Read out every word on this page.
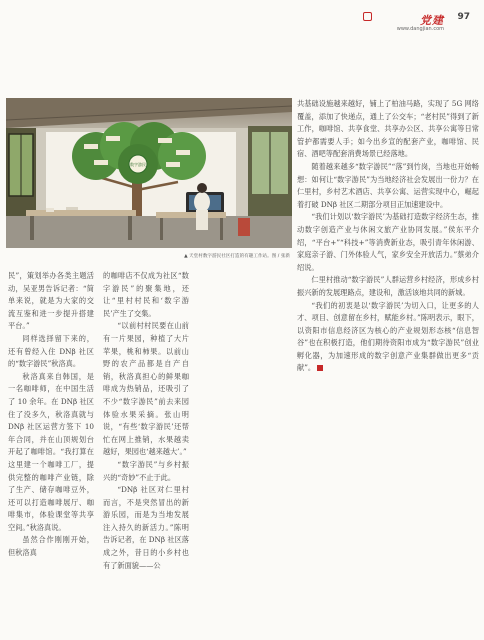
党建
www.dangjian.com
97
数字游民
▲ 天堂村数字游民社区打造的有趣工作站。图 / 张新

民”，策划举办各类主题活动，吴亚男告诉记者：“简单来说，就是为大家的交流互鉴和进一步提升搭建平台。”

同样选择留下来的，还有曾经入住 DNβ 社区的“数字游民”秋洛真。

秋洛真来自韩国，是一名咖啡师，在中国生活了 10 余年。在 DNβ 社区住了没多久，秋洛真就与 DNβ 社区运营方签下 10 年合同，并在山顶规划台开起了咖啡馆。“我打算在这里建一个咖啡工厂，提供完整的咖啡产业链，除了生产、储存咖啡豆外，还可以打造咖啡展厅、咖啡集市，体验课堂等共享空间。”秋洛真说。

虽然合作刚刚开始，但秋洛真

的咖啡店不仅成为社区“数字游民”的聚集地，还让“里村村民和‘数字游民’产生了交集。

“以前村村民要在山前有一片果园，种植了大片苹果，桃和柿果。以前山野的农产品都是自产自销，秋洛真担心的鲜果咖啡成为热销品，还吸引了不少“数字游民”前去来园体验水果采摘。张山明说，“有些‘数字游民’还帮忙在网上推销，水果越卖越好，果园也‘越来越大’。”

“数字游民”与乡村振兴的“奇妙”不止于此。

“DNβ 社区对仁里村而言，不是突然冒出的新游乐园，而是为当地发展注入持久的新活力。”陈明告诉记者，在 DNβ 社区落成之外，昔日的小乡村也有了新面貌——公

共基础设施越来越好，铺上了柏油马路，实现了 5G 网络覆盖，添加了快递点，通上了公交车；“老村民”得到了新工作，咖啡馆、共享食堂、共享办公区、共享公寓等日常管护都需要人手；如今出乡宣的配套产业，咖啡馆、民宿、酒吧等配套消费场景已经落地。

随着越来越多“数字游民”“落”到竹岗，当地也开始畅想：如何让“数字游民”为当地经济社会发展出一份力？在仁里村，乡村艺术酒店、共享公寓、运营实现中心，崛起着打破 DNβ 社区二期部分项目正加速建设中。

“我们计划以‘数字游民’为基础打造数字经济生态，推动数字创造产业与休闲文旅产业协同发展。”侯东平介绍，“平台+”“科技+”等消费新业态，吸引青年休闲游、家庭亲子游、门外体验人气，家乡安全开放活力。”蔡弟介绍说。

仁里村推动“数字游民”人群运营乡村经济，形成乡村振兴新的发展理路点，建设和，激活该地共同的新城。

“我们的初衷是以‘数字游民’为切入口，让更多的人才、项目、创意留在乡村，赋能乡村。”陈明表示，眼下，以资阳市信息经济区为核心的产业规划形态核“信息智谷”也在积极打造，他们期待资阳市成为“数字游民”创业孵化器，为加速形成的数字创意产业集群做出更多“贡献”。
